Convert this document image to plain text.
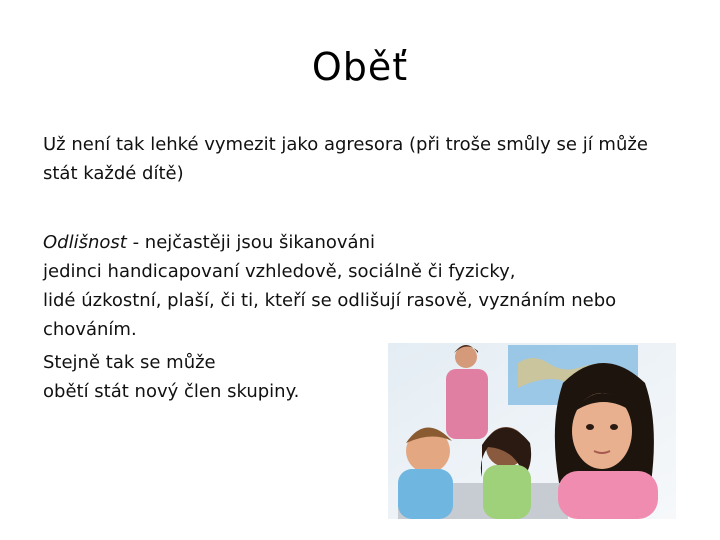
Oběť
Už není tak lehké vymezit jako agresora (při troše smůly se jí může stát každé dítě)
Odlišnost - nejčastěji jsou šikanováni
jedinci handicapovaní vzhledově, sociálně či fyzicky,
lidé úzkostní, plaší, či ti, kteří se odlišují rasově, vyznáním nebo chováním.
Stejně tak se může
obětí stát nový člen skupiny.
